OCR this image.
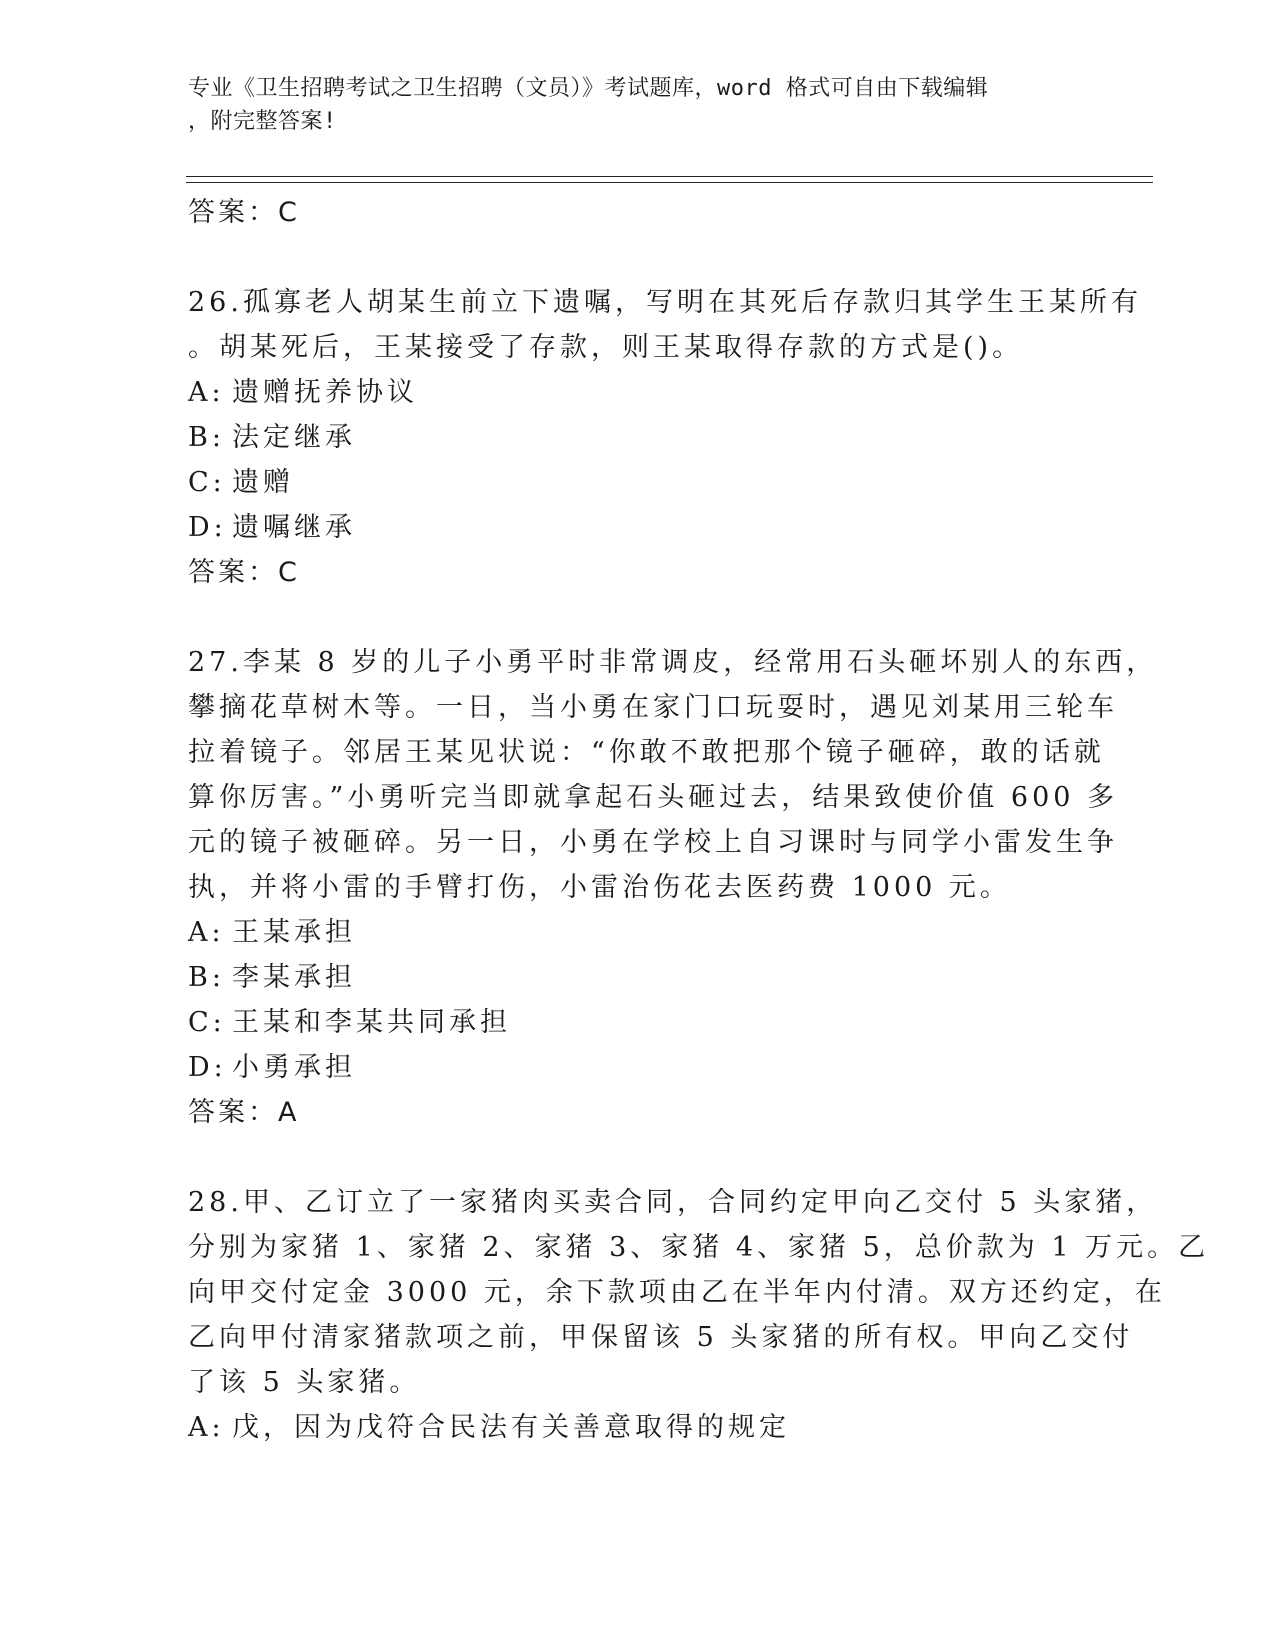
专业《卫生招聘考试之卫生招聘（文员）》考试题库，word 格式可自由下载编辑
，附完整答案!
答案：C
26.孤寡老人胡某生前立下遗嘱，写明在其死后存款归其学生王某所有
。胡某死后，王某接受了存款，则王某取得存款的方式是()。
A: 遗赠抚养协议
B: 法定继承
C: 遗赠
D: 遗嘱继承
答案：C
27.李某 8 岁的儿子小勇平时非常调皮，经常用石头砸坏别人的东西，
攀摘花草树木等。一日，当小勇在家门口玩耍时，遇见刘某用三轮车
拉着镜子。邻居王某见状说：“你敢不敢把那个镜子砸碎，敢的话就
算你厉害。”小勇听完当即就拿起石头砸过去，结果致使价值 600 多
元的镜子被砸碎。另一日，小勇在学校上自习课时与同学小雷发生争
执，并将小雷的手臂打伤，小雷治伤花去医药费 1000 元。
A: 王某承担
B: 李某承担
C: 王某和李某共同承担
D: 小勇承担
答案：A
28.甲、乙订立了一家猪肉买卖合同，合同约定甲向乙交付 5 头家猪，
分别为家猪 1、家猪 2、家猪 3、家猪 4、家猪 5，总价款为 1 万元。乙
向甲交付定金 3000 元，余下款项由乙在半年内付清。双方还约定，在
乙向甲付清家猪款项之前，甲保留该 5 头家猪的所有权。甲向乙交付
了该 5 头家猪。
A: 戊，因为戊符合民法有关善意取得的规定
